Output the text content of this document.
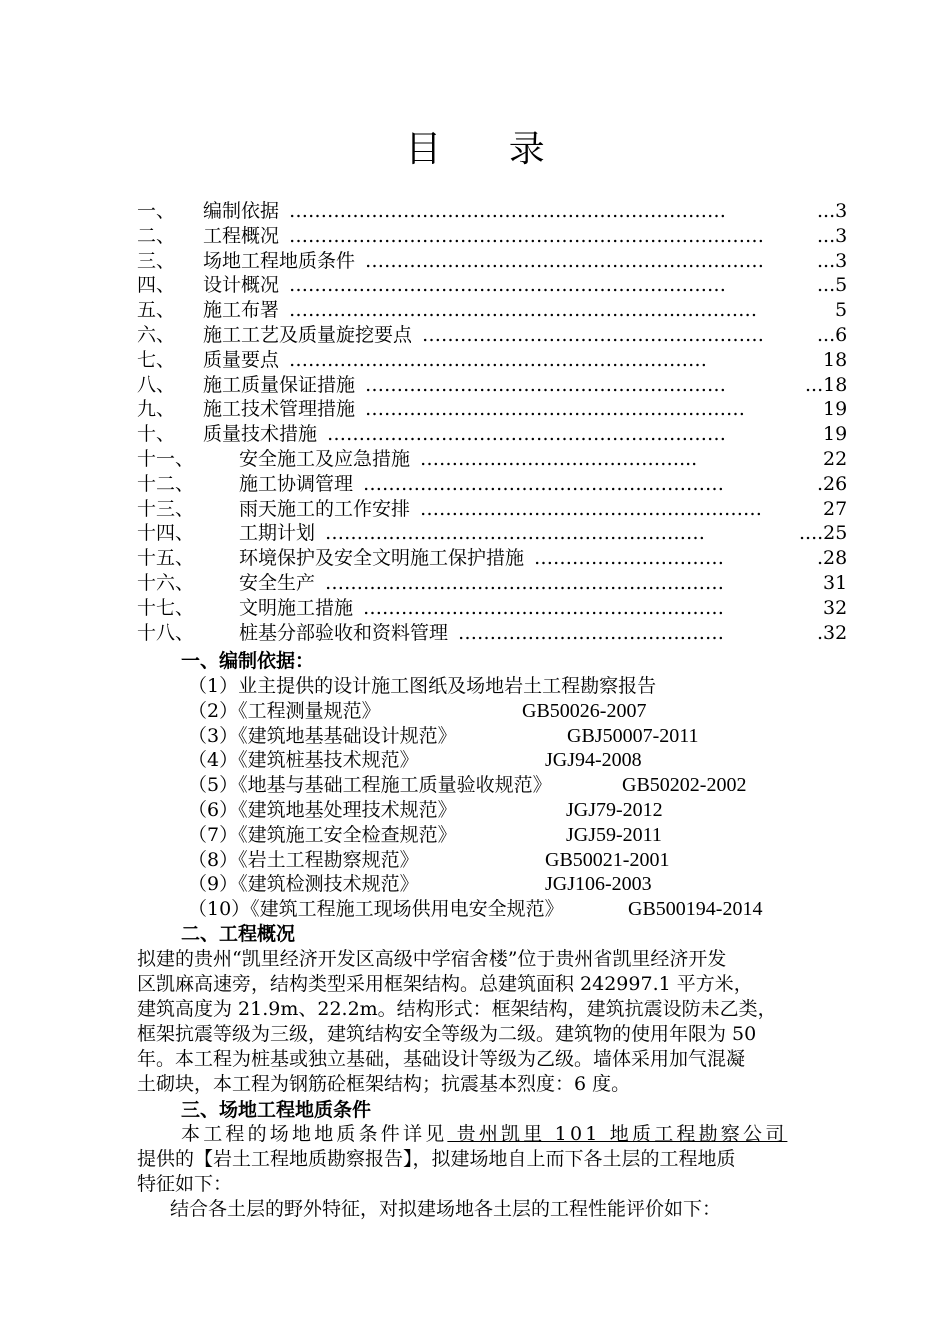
目 录
一、 编制依据 ……………………………………………………………	...3
二、 工程概况 …………………………………………………………………	...3
三、 场地工程地质条件 ………………………………………………………	...3
四、 设计概况 ……………………………………………………………	...5
五、 施工布署 ……………………………………………………..…………	5
六、 施工工艺及质量旋挖要点 ………………………………………………	...6
七、 质量要点 …………………………………………………………	18
八、 施工质量保证措施 …………………………………………………	...18
九、 施工技术管理措施 ……………………………………………………	19
十、 质量技术措施 ………………………………………………………	19
十一、 安全施工及应急措施 …………..………………………...	22
十二、 施工协调管理 …………………………………………………	.26
十三、 雨天施工的工作安排 ………………………………………………	27
十四、 工期计划 ……………………………………………………	....25
十五、 环境保护及安全文明施工保护措施 …………………………	.28
十六、 安全生产 ………………………………………………………	31
十七、 文明施工措施 …………………………………………………	32
十八、 桩基分部验收和资料管理 ……………………………………	.32
一、编制依据：
（1）业主提供的设计施工图纸及场地岩土工程勘察报告
（2）《工程测量规范》	GB50026-2007
（3）《建筑地基基础设计规范》	GBJ50007-2011
（4）《建筑桩基技术规范》	JGJ94-2008
（5）《地基与基础工程施工质量验收规范》	GB50202-2002
（6）《建筑地基处理技术规范》	JGJ79-2012
（7）《建筑施工安全检查规范》	JGJ59-2011
（8）《岩土工程勘察规范》	GB50021-2001
（9）《建筑检测技术规范》	JGJ106-2003
（10）《建筑工程施工现场供用电安全规范》	GB500194-2014
二、工程概况
拟建的贵州“凯里经济开发区高级中学宿舍楼”位于贵州省凯里经济开发
区凯麻高速旁，结构类型采用框架结构。总建筑面积 242997.1 平方米，
建筑高度为 21.9m、22.2m。结构形式：框架结构，建筑抗震设防未乙类，
框架抗震等级为三级，建筑结构安全等级为二级。建筑物的使用年限为 50
年。本工程为桩基或独立基础，基础设计等级为乙级。墙体采用加气混凝
土砌块，本工程为钢筋砼框架结构；抗震基本烈度：6 度。
三、场地工程地质条件
本工程的场地地质条件详见 贵州凯里 101 地质工程勘察公司
提供的【岩土工程地质勘察报告】，拟建场地自上而下各土层的工程地质
特征如下：
结合各土层的野外特征，对拟建场地各土层的工程性能评价如下：
